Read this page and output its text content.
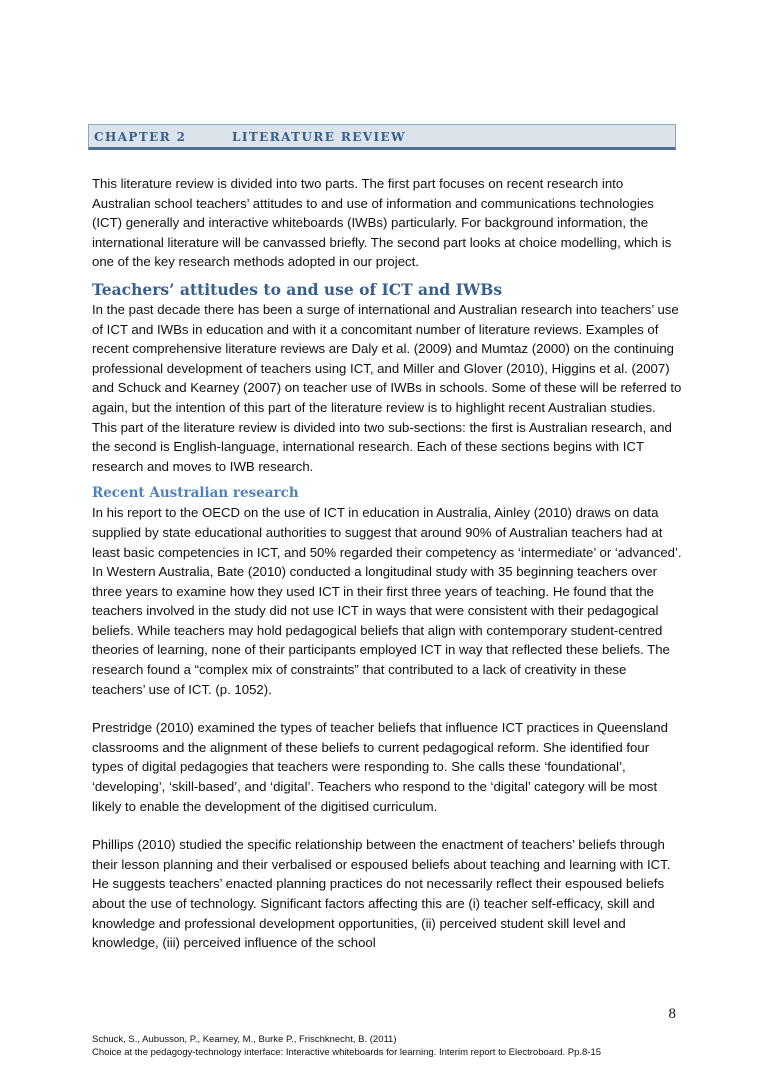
CHAPTER 2	LITERATURE REVIEW

This literature review is divided into two parts. The first part focuses on recent research into Australian school teachers’ attitudes to and use of information and communications technologies (ICT) generally and interactive whiteboards (IWBs) particularly. For background information, the international literature will be canvassed briefly. The second part looks at choice modelling, which is one of the key research methods adopted in our project.

Teachers’ attitudes to and use of ICT and IWBs

In the past decade there has been a surge of international and Australian research into teachers’ use of ICT and IWBs in education and with it a concomitant number of literature reviews. Examples of recent comprehensive literature reviews are Daly et al. (2009) and Mumtaz (2000) on the continuing professional development of teachers using ICT, and Miller and Glover (2010), Higgins et al. (2007) and Schuck and Kearney (2007) on teacher use of IWBs in schools. Some of these will be referred to again, but the intention of this part of the literature review is to highlight recent Australian studies.

This part of the literature review is divided into two sub-sections: the first is Australian research, and the second is English-language, international research. Each of these sections begins with ICT research and moves to IWB research.

Recent Australian research

In his report to the OECD on the use of ICT in education in Australia, Ainley (2010) draws on data supplied by state educational authorities to suggest that around 90% of Australian teachers had at least basic competencies in ICT, and 50% regarded their competency as ‘intermediate’ or ‘advanced’. In Western Australia, Bate (2010) conducted a longitudinal study with 35 beginning teachers over three years to examine how they used ICT in their first three years of teaching. He found that the teachers involved in the study did not use ICT in ways that were consistent with their pedagogical beliefs. While teachers may hold pedagogical beliefs that align with contemporary student-centred theories of learning, none of their participants employed ICT in way that reflected these beliefs. The research found a “complex mix of constraints” that contributed to a lack of creativity in these teachers’ use of ICT. (p. 1052).

Prestridge (2010) examined the types of teacher beliefs that influence ICT practices in Queensland classrooms and the alignment of these beliefs to current pedagogical reform. She identified four types of digital pedagogies that teachers were responding to. She calls these ‘foundational’, ‘developing’, ‘skill-based’, and ‘digital’. Teachers who respond to the ‘digital’ category will be most likely to enable the development of the digitised curriculum.

Phillips (2010) studied the specific relationship between the enactment of teachers’ beliefs through their lesson planning and their verbalised or espoused beliefs about teaching and learning with ICT. He suggests teachers’ enacted planning practices do not necessarily reflect their espoused beliefs about the use of technology. Significant factors affecting this are (i) teacher self-efficacy, skill and knowledge and professional development opportunities, (ii) perceived student skill level and knowledge, (iii) perceived influence of the school

8
Schuck, S., Aubusson, P., Kearney, M., Burke P., Frischknecht, B. (2011)
Choice at the pedagogy-technology interface: Interactive whiteboards for learning. Interim report to Electroboard. Pp.8-15
